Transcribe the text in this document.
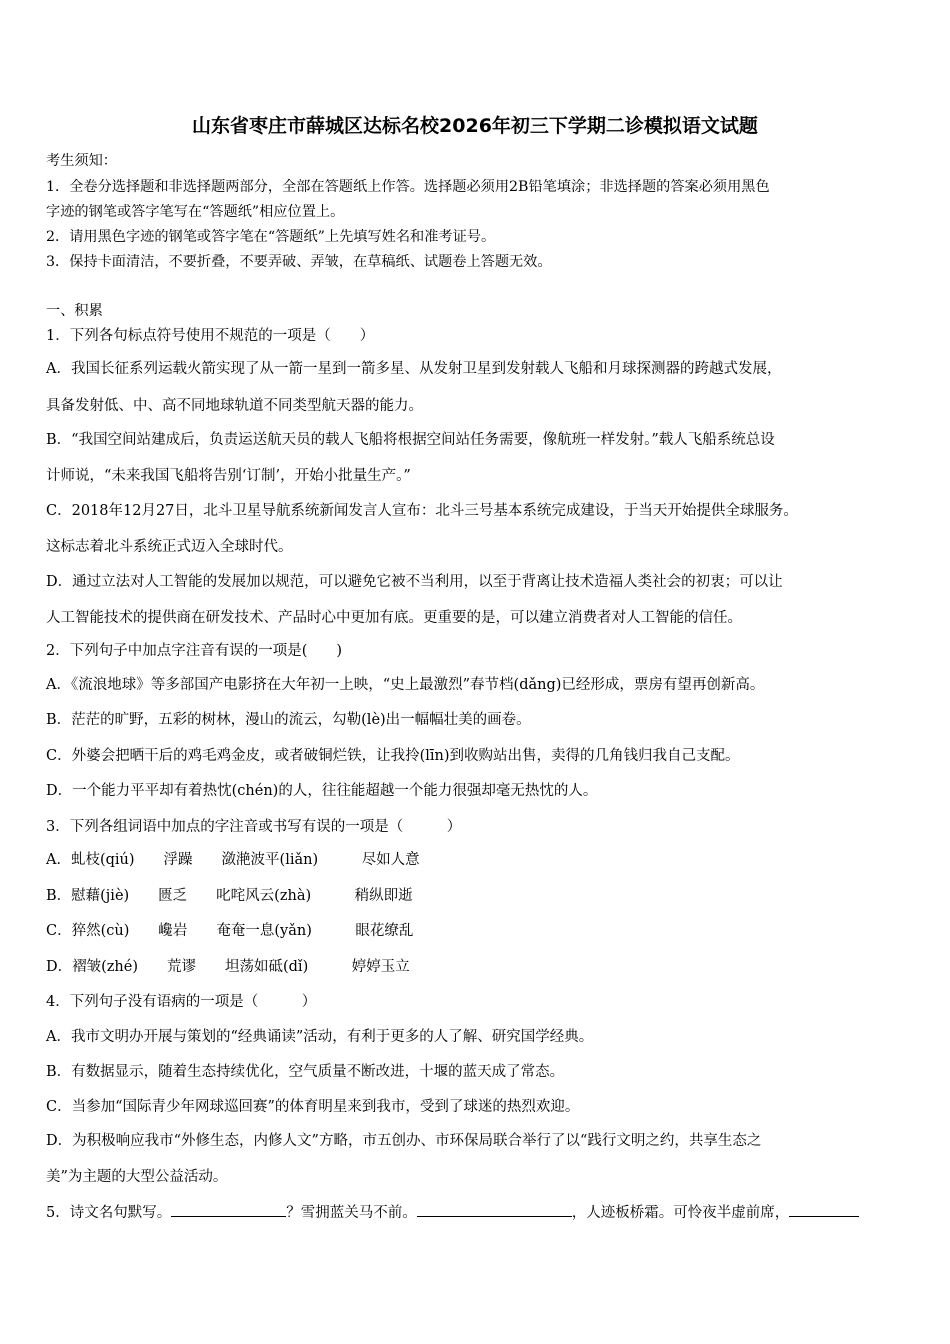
山东省枣庄市薛城区达标名校2026年初三下学期二诊模拟语文试题
考生须知：
1．全卷分选择题和非选择题两部分，全部在答题纸上作答。选择题必须用2B铅笔填涂；非选择题的答案必须用黑色
字迹的钢笔或答字笔写在“答题纸”相应位置上。
2．请用黑色字迹的钢笔或答字笔在“答题纸”上先填写姓名和准考证号。
3．保持卡面清洁，不要折叠，不要弄破、弄皱，在草稿纸、试题卷上答题无效。
一、积累
1．下列各句标点符号使用不规范的一项是（　　）
A．我国长征系列运载火箭实现了从一箭一星到一箭多星、从发射卫星到发射载人飞船和月球探测器的跨越式发展，
具备发射低、中、高不同地球轨道不同类型航天器的能力。
B．“我国空间站建成后，负责运送航天员的载人飞船将根据空间站任务需要，像航班一样发射。”载人飞船系统总设
计师说，“未来我国飞船将告别‘订制’，开始小批量生产。”
C．2018年12月27日，北斗卫星导航系统新闻发言人宣布：北斗三号基本系统完成建设，于当天开始提供全球服务。
这标志着北斗系统正式迈入全球时代。
D．通过立法对人工智能的发展加以规范，可以避免它被不当利用，以至于背离让技术造福人类社会的初衷；可以让
人工智能技术的提供商在研发技术、产品时心中更加有底。更重要的是，可以建立消费者对人工智能的信任。
2．下列句子中加点字注音有误的一项是(　　)
A．《流浪地球》等多部国产电影挤在大年初一上映，“史上最激烈”春节档(dǎng)已经形成，票房有望再创新高。
B．茫茫的旷野，五彩的树林，漫山的流云，勾勒(lè)出一幅幅壮美的画卷。
C．外婆会把晒干后的鸡毛鸡金皮，或者破铜烂铁，让我拎(līn)到收购站出售，卖得的几角钱归我自己支配。
D．一个能力平平却有着热忱(chén)的人，往往能超越一个能力很强却毫无热忱的人。
3．下列各组词语中加点的字注音或书写有误的一项是（　　　）
A．虬枝(qiú)　　浮躁　　潋滟波平(liǎn)　　　尽如人意
B．慰藉(jiè)　　匮乏　　叱咤风云(zhà)　　　稍纵即逝
C．猝然(cù)　　巉岩　　奄奄一息(yǎn)　　　眼花缭乱
D．褶皱(zhé)　　荒谬　　坦荡如砥(dǐ)　　　婷婷玉立
4．下列句子没有语病的一项是（　　　）
A．我市文明办开展与策划的“经典诵读”活动，有利于更多的人了解、研究国学经典。
B．有数据显示，随着生态持续优化，空气质量不断改进，十堰的蓝天成了常态。
C．当参加“国际青少年网球巡回赛”的体育明星来到我市，受到了球迷的热烈欢迎。
D．为积极响应我市“外修生态，内修人文”方略，市五创办、市环保局联合举行了以“践行文明之约，共享生态之
美”为主题的大型公益活动。
5．诗文名句默写。	？雪拥蓝关马不前。	，人迹板桥霜。可怜夜半虚前席，
